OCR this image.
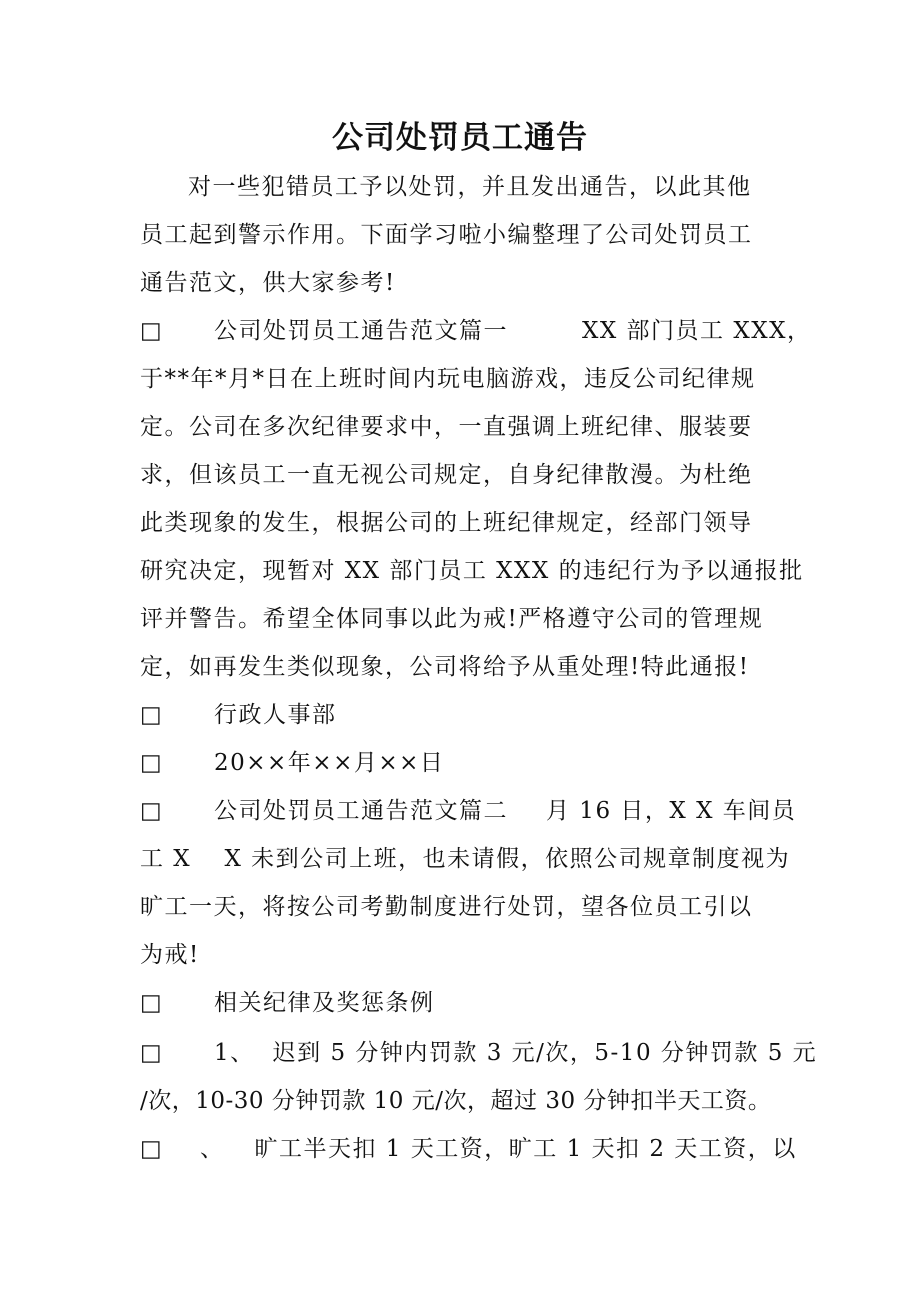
公司处罚员工通告
对一些犯错员工予以处罚，并且发出通告，以此其他
员工起到警示作用。下面学习啦小编整理了公司处罚员工
通告范文，供大家参考!
□ 公司处罚员工通告范文篇一	XX 部门员工 XXX，
于**年*月*日在上班时间内玩电脑游戏，违反公司纪律规
定。公司在多次纪律要求中，一直强调上班纪律、服装要
求，但该员工一直无视公司规定，自身纪律散漫。为杜绝
此类现象的发生，根据公司的上班纪律规定，经部门领导
研究决定，现暂对 XX 部门员工 XXX 的违纪行为予以通报批
评并警告。希望全体同事以此为戒!严格遵守公司的管理规
定，如再发生类似现象，公司将给予从重处理!特此通报!
□ 行政人事部
□ 20××年××月××日
□ 公司处罚员工通告范文篇二 月 16 日，X X 车间员
工 X　 X 未到公司上班，也未请假，依照公司规章制度视为
旷工一天，将按公司考勤制度进行处罚，望各位员工引以
为戒!
□ 相关纪律及奖惩条例
□ 1、 迟到 5 分钟内罚款 3 元/次，5-10 分钟罚款 5 元
/次，10-30 分钟罚款 10 元/次，超过 30 分钟扣半天工资。
□ 、 旷工半天扣 1 天工资，旷工 1 天扣 2 天工资，以
